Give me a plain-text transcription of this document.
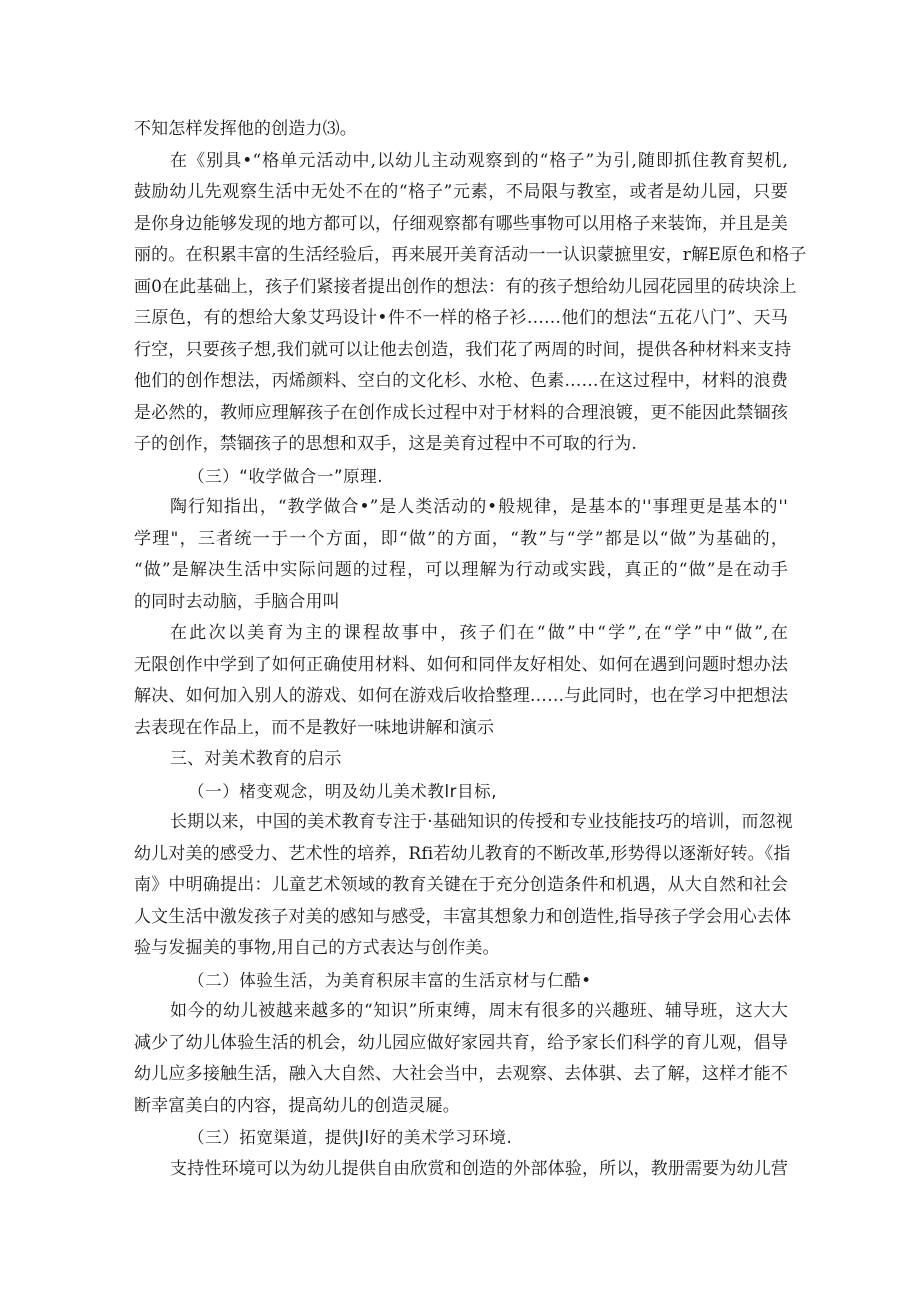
不知怎样发挥他的创造力⑶。
在《别具•“格单元活动中,以幼儿主动观察到的“格子”为引,随即抓住教育契机,
鼓励幼儿先观察生活中无处不在的“格子”元素，不局限与教室，或者是幼儿园，只要
是你身边能够发现的地方都可以，仔细观察都有哪些事物可以用格子来装饰，并且是美
丽的。在积累丰富的生活经验后，再来展开美育活动一一认识蒙摭里安，r解E原色和格子
画0在此基础上，孩子们紧接者提出创作的想法：有的孩子想给幼儿园花园里的砖块涂上
三原色，有的想给大象艾玛设计•件不一样的格子衫……他们的想法“五花八门”、天马
行空，只要孩子想,我们就可以让他去创造，我们花了两周的时间，提供各种材料来支持
他们的创作想法，丙烯颜料、空白的文化杉、水枪、色素……在这过程中，材料的浪费
是必然的，教师应理解孩子在创作成长过程中对于材料的合理浪镀，更不能因此禁锢孩
子的创作，禁锢孩子的思想和双手，这是美育过程中不可取的行为.
（三）“收学做合一”原理.
陶行知指出，“教学做合•”是人类活动的•般规律，是基本的''事理更是基本的''
学理"，三者统一于一个方面，即“做”的方面，“教”与“学”都是以“做”为基础的，
“做”是解决生活中实际问题的过程，可以理解为行动或实践，真正的“做”是在动手
的同时去动脑，手脑合用叫
在此次以美育为主的课程故事中，孩子们在“做”中“学”,在“学”中“做”,在
无限创作中学到了如何正确使用材料、如何和同伴友好相处、如何在遇到问题时想办法
解决、如何加入别人的游戏、如何在游戏后收拾整理……与此同时，也在学习中把想法
去表现在作品上，而不是教好一味地讲解和演示
三、对美术教育的启示
（一）楮变观念，明及幼儿美术教lr目标,
长期以来，中国的美术教育专注于·基础知识的传授和专业技能技巧的培训，而忽视
幼儿对美的感受力、艺术性的培养，Rfi若幼儿教育的不断改革,形势得以逐渐好转。《指
南》中明确提出：儿童艺术领域的教育关键在于充分创造条件和机遇，从大自然和社会
人文生活中激发孩子对美的感知与感受，丰富其想象力和创造性,指导孩子学会用心去体
验与发掘美的事物,用自己的方式表达与创作美。
（二）体验生活，为美育积尿丰富的生活京材与仁酷•
如今的幼儿被越来越多的“知识”所束缚，周末有很多的兴趣班、辅导班，这大大
减少了幼儿体验生活的机会，幼儿园应做好家园共育，给予家长们科学的育儿观，倡导
幼儿应多接触生活，融入大自然、大社会当中，去观察、去体骐、去了解，这样才能不
断幸富美白的内容，提高幼儿的创造灵屣。
（三）拓宽渠道，提供Jl好的美术学习环境.
支持性环境可以为幼儿提供自由欣赏和创造的外部体验，所以，教册需要为幼儿营
